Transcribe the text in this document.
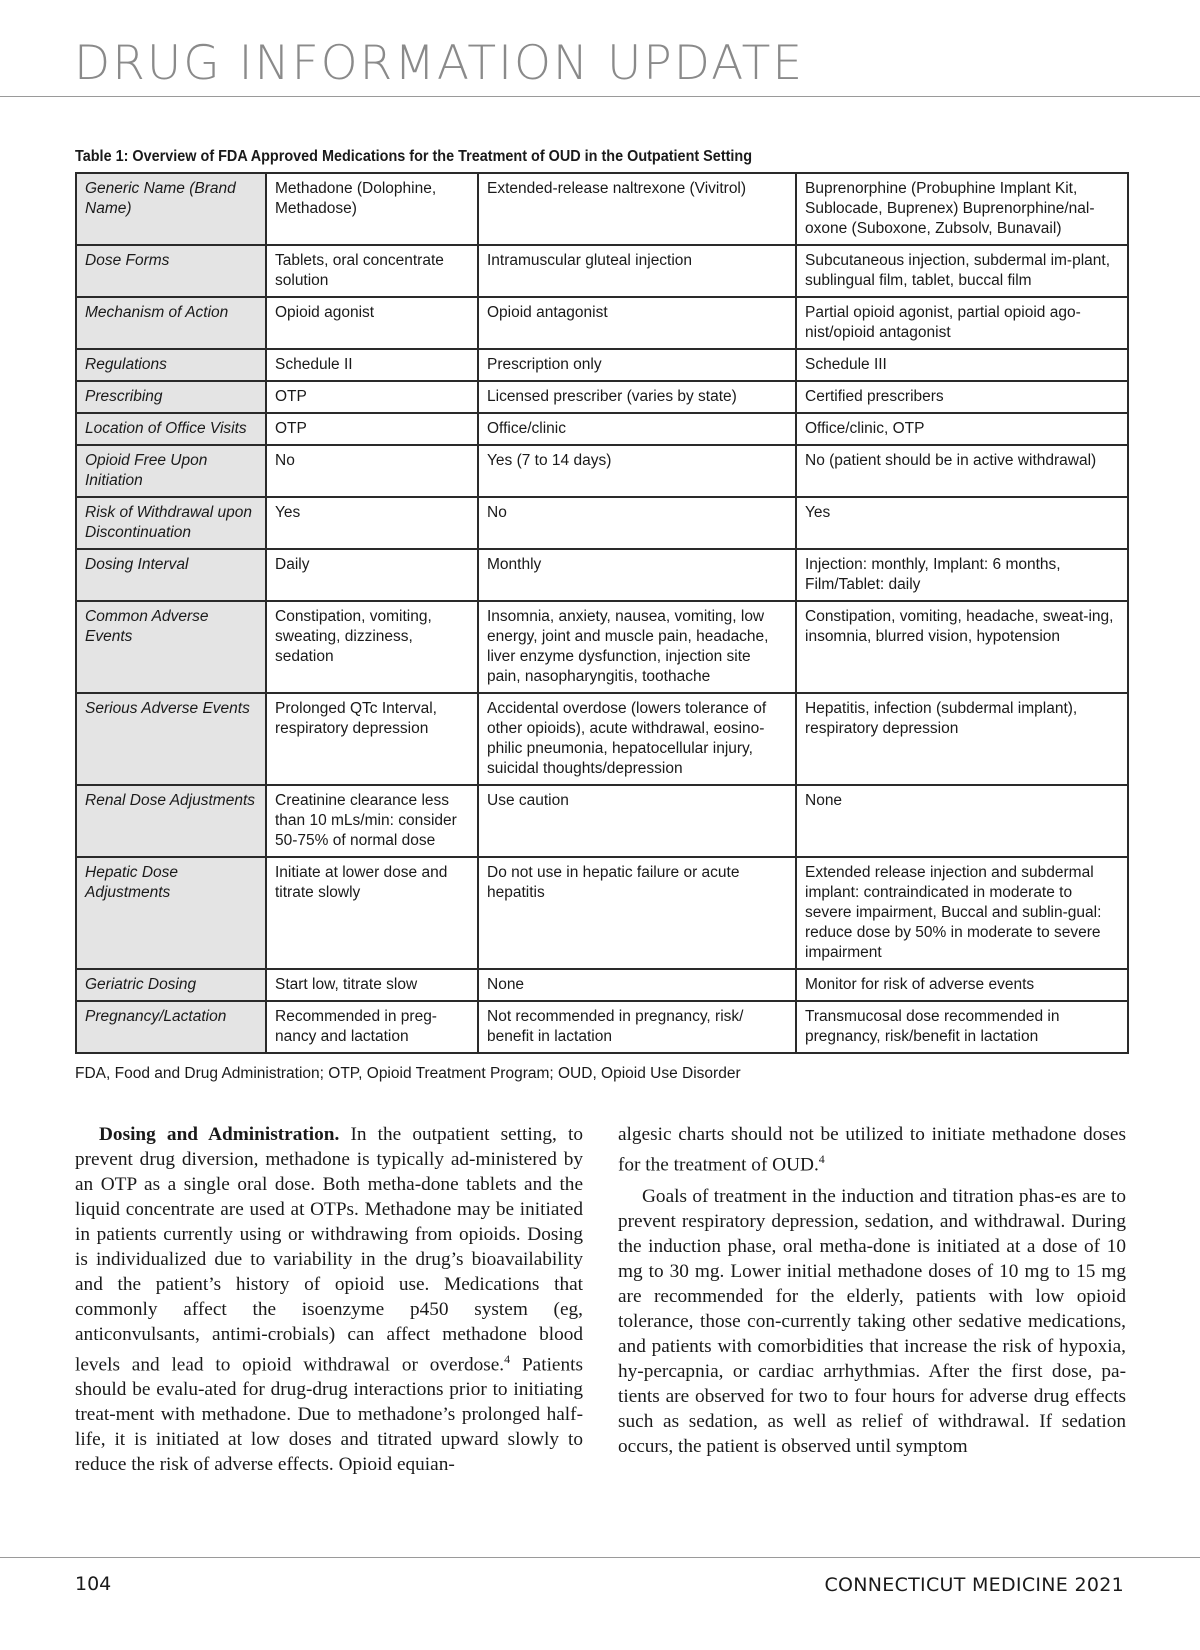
DRUG INFORMATION UPDATE
Table 1: Overview of FDA Approved Medications for the Treatment of OUD in the Outpatient Setting
Generic Name (Brand Name)	Methadone (Dolophine, Methadose)	Extended-release naltrexone (Vivitrol)	Buprenorphine (Probuphine Implant Kit, Sublocade, Buprenex) Buprenorphine/nal-oxone (Suboxone, Zubsolv, Bunavail)

Dose Forms	Tablets, oral concentrate solution	Intramuscular gluteal injection	Subcutaneous injection, subdermal im-plant, sublingual film, tablet, buccal film

Mechanism of Action	Opioid agonist	Opioid antagonist	Partial opioid agonist, partial opioid ago-nist/opioid antagonist

Regulations	Schedule II	Prescription only	Schedule III

Prescribing	OTP	Licensed prescriber (varies by state)	Certified prescribers

Location of Office Visits	OTP	Office/clinic	Office/clinic, OTP

Opioid Free Upon Initiation	No	Yes (7 to 14 days)	No (patient should be in active withdrawal)

Risk of Withdrawal upon Discontinuation	Yes	No	Yes

Dosing Interval	Daily	Monthly	Injection: monthly, Implant: 6 months, Film/Tablet: daily

Common Adverse Events	Constipation, vomiting, sweating, dizziness, sedation	Insomnia, anxiety, nausea, vomiting, low energy, joint and muscle pain, headache, liver enzyme dysfunction, injection site pain, nasopharyngitis, toothache	Constipation, vomiting, headache, sweat-ing, insomnia, blurred vision, hypotension

Serious Adverse Events	Prolonged QTc Interval, respiratory depression	Accidental overdose (lowers tolerance of other opioids), acute withdrawal, eosino-philic pneumonia, hepatocellular injury, suicidal thoughts/depression	Hepatitis, infection (subdermal implant), respiratory depression

Renal Dose Adjustments	Creatinine clearance less than 10 mLs/min: consider 50-75% of normal dose	Use caution	None

Hepatic Dose Adjustments	Initiate at lower dose and titrate slowly	Do not use in hepatic failure or acute hepatitis	Extended release injection and subdermal implant: contraindicated in moderate to severe impairment, Buccal and sublin-gual: reduce dose by 50% in moderate to severe impairment

Geriatric Dosing	Start low, titrate slow	None	Monitor for risk of adverse events

Pregnancy/Lactation	Recommended in preg-nancy and lactation	Not recommended in pregnancy, risk/ benefit in lactation	Transmucosal dose recommended in pregnancy, risk/benefit in lactation
FDA, Food and Drug Administration; OTP, Opioid Treatment Program; OUD, Opioid Use Disorder

Dosing and Administration. In the outpatient setting, to prevent drug diversion, methadone is typically ad-ministered by an OTP as a single oral dose. Both metha-done tablets and the liquid concentrate are used at OTPs. Methadone may be initiated in patients currently using or withdrawing from opioids. Dosing is individualized due to variability in the drug’s bioavailability and the patient’s history of opioid use. Medications that commonly affect the isoenzyme p450 system (eg, anticonvulsants, antimi-crobials) can affect methadone blood levels and lead to opioid withdrawal or overdose.$^4$ Patients should be evalu-ated for drug-drug interactions prior to initiating treat-ment with methadone. Due to methadone’s prolonged half-life, it is initiated at low doses and titrated upward slowly to reduce the risk of adverse effects. Opioid equian-

algesic charts should not be utilized to initiate methadone doses for the treatment of OUD.$^4$

Goals of treatment in the induction and titration phas-es are to prevent respiratory depression, sedation, and withdrawal. During the induction phase, oral metha-done is initiated at a dose of 10 mg to 30 mg. Lower initial methadone doses of 10 mg to 15 mg are recommended for the elderly, patients with low opioid tolerance, those con-currently taking other sedative medications, and patients with comorbidities that increase the risk of hypoxia, hy-percapnia, or cardiac arrhythmias. After the first dose, pa-tients are observed for two to four hours for adverse drug effects such as sedation, as well as relief of withdrawal. If sedation occurs, the patient is observed until symptom

104	CONNECTICUT MEDICINE 2021
